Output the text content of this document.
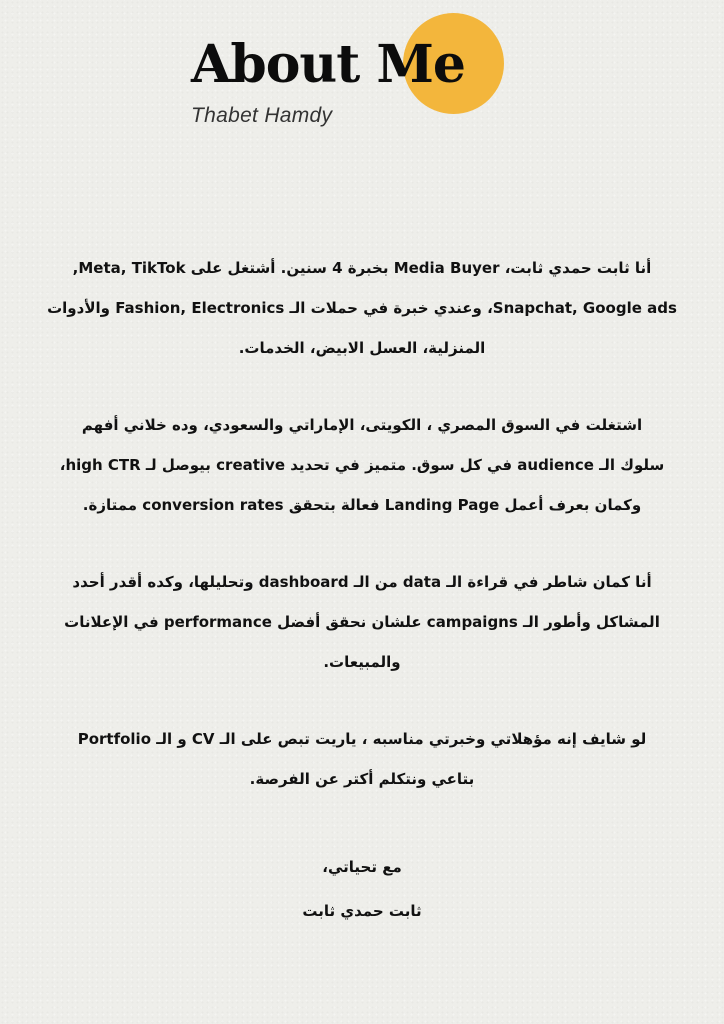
About Me
Thabet Hamdy
أنا ثابت حمدي ثابت، Media Buyer بخبرة 4 سنين. أشتغل على Meta, TikTok,
Snapchat, Google ads، وعندي خبرة في حملات الـ Fashion, Electronics والأدوات
المنزلية، العسل الابيض، الخدمات.
اشتغلت في السوق المصري ، الكويتى، الإماراتي والسعودي، وده خلاني أفهم
سلوك الـ audience في كل سوق. متميز في تحديد creative بيوصل لـ high CTR،
وكمان بعرف أعمل Landing Page فعالة بتحقق conversion rates ممتازة.
أنا كمان شاطر في قراءة الـ data من الـ dashboard وتحليلها، وكده أقدر أحدد
المشاكل وأطور الـ campaigns علشان نحقق أفضل performance في الإعلانات
والمبيعات.
لو شايف إنه مؤهلاتي وخبرتي مناسبه ، ياريت تبص على الـ CV و الـ Portfolio
بتاعي ونتكلم أكتر عن الفرصة.
مع تحياتي،
ثابت حمدي ثابت
